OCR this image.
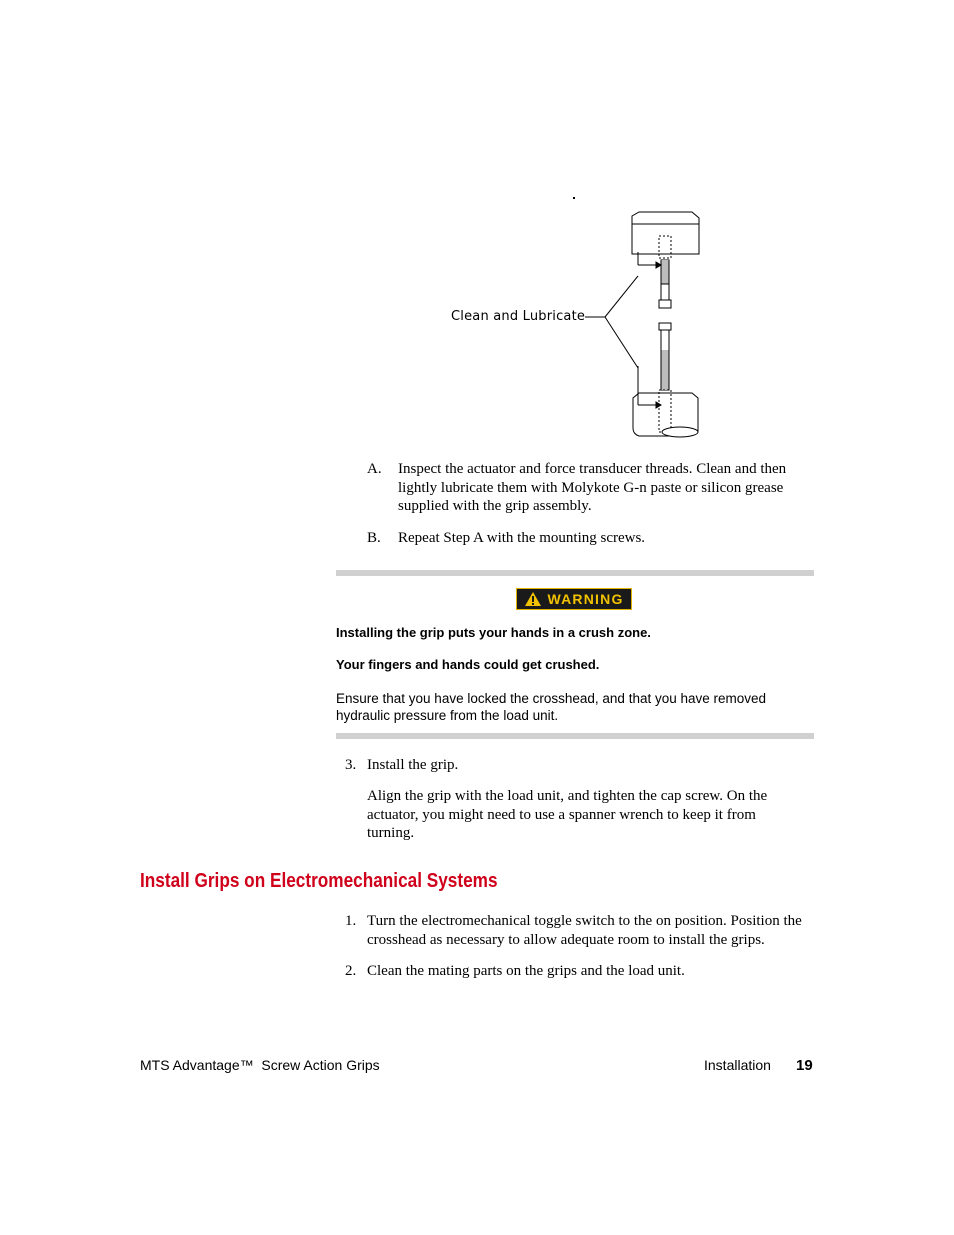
Clean and Lubricate
A. Inspect the actuator and force transducer threads. Clean and then lightly lubricate them with Molykote G-n paste or silicon grease supplied with the grip assembly.
B. Repeat Step A with the mounting screws.
WARNING
Installing the grip puts your hands in a crush zone.
Your fingers and hands could get crushed.
Ensure that you have locked the crosshead, and that you have removed hydraulic pressure from the load unit.
3. Install the grip.
Align the grip with the load unit, and tighten the cap screw. On the actuator, you might need to use a spanner wrench to keep it from turning.
Install Grips on Electromechanical Systems
1. Turn the electromechanical toggle switch to the on position. Position the crosshead as necessary to allow adequate room to install the grips.
2. Clean the mating parts on the grips and the load unit.
MTS Advantage™  Screw Action Grips	Installation 19
